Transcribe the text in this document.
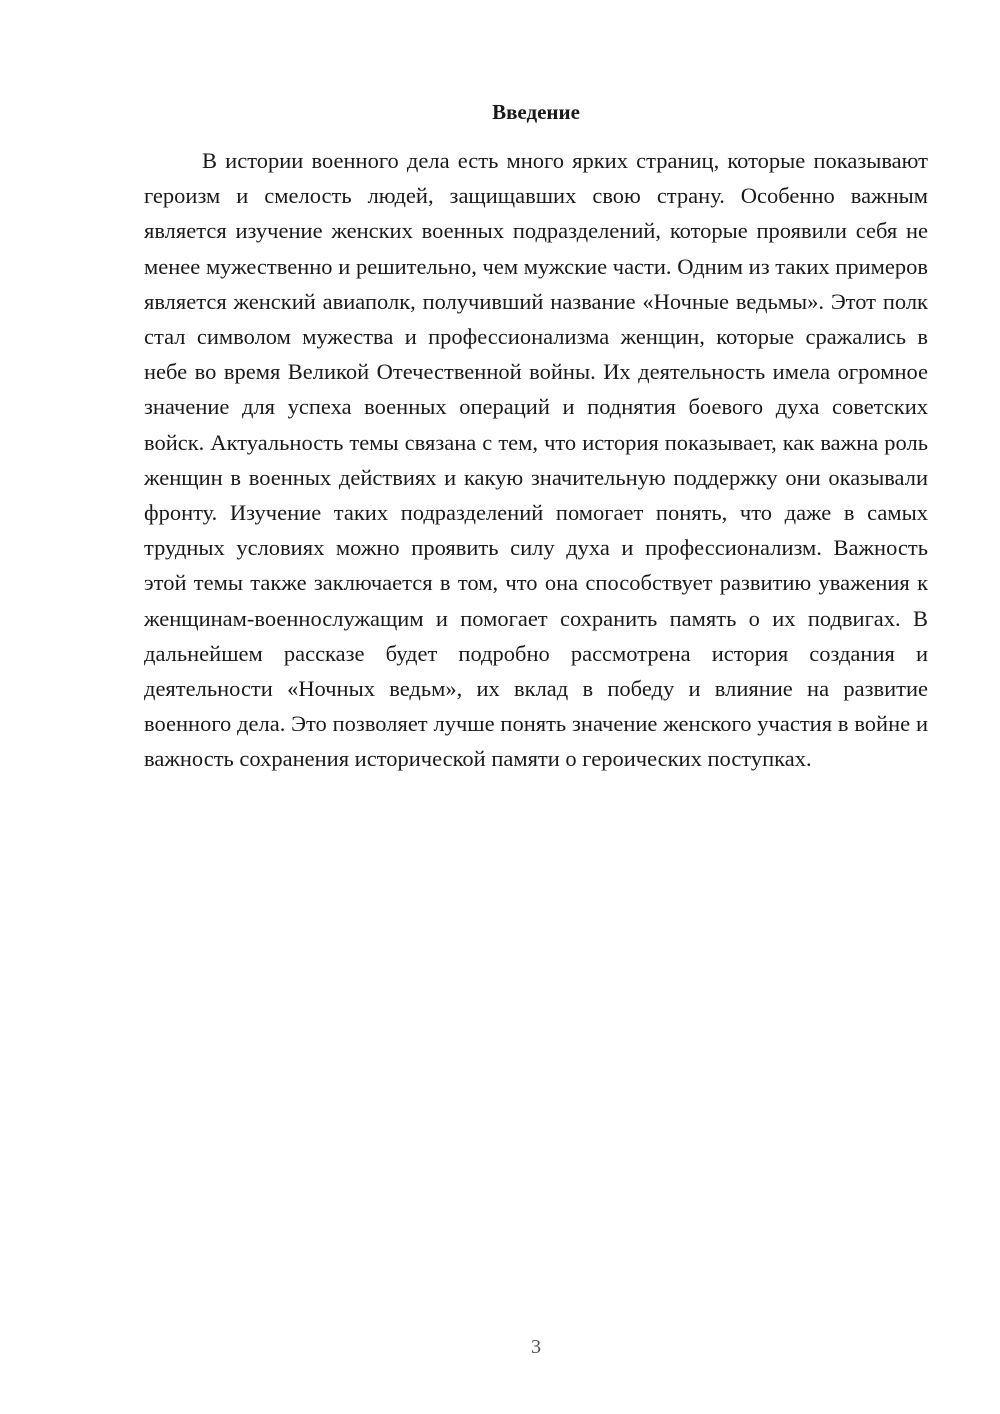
Введение

В истории военного дела есть много ярких страниц, которые показывают героизм и смелость людей, защищавших свою страну. Особенно важным является изучение женских военных подразделений, которые проявили себя не менее мужественно и решительно, чем мужские части. Одним из таких примеров является женский авиаполк, получивший название «Ночные ведьмы». Этот полк стал символом мужества и профессионализма женщин, которые сражались в небе во время Великой Отечественной войны. Их деятельность имела огромное значение для успеха военных операций и поднятия боевого духа советских войск. Актуальность темы связана с тем, что история показывает, как важна роль женщин в военных действиях и какую значительную поддержку они оказывали фронту. Изучение таких подразделений помогает понять, что даже в самых трудных условиях можно проявить силу духа и профессионализм. Важность этой темы также заключается в том, что она способствует развитию уважения к женщинам-военнослужащим и помогает сохранить память о их подвигах. В дальнейшем рассказе будет подробно рассмотрена история создания и деятельности «Ночных ведьм», их вклад в победу и влияние на развитие военного дела. Это позволяет лучше понять значение женского участия в войне и важность сохранения исторической памяти о героических поступках.

3
